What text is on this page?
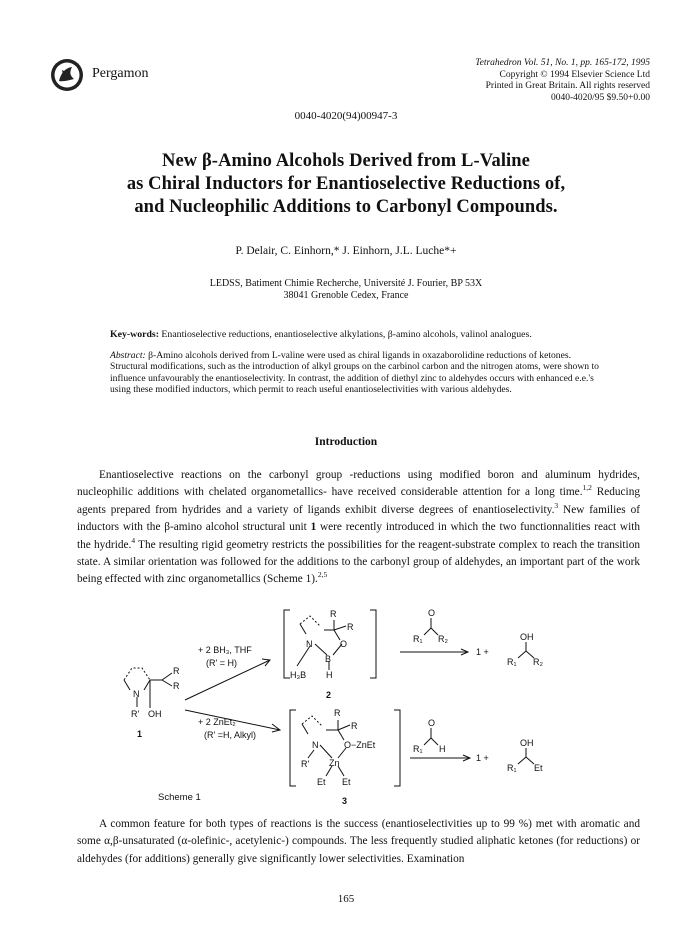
Pergamon
Tetrahedron Vol. 51, No. 1, pp. 165-172, 1995
Copyright © 1994 Elsevier Science Ltd
Printed in Great Britain. All rights reserved
0040-4020/95 $9.50+0.00
0040-4020(94)00947-3
New β-Amino Alcohols Derived from L-Valine
as Chiral Inductors for Enantioselective Reductions of,
and Nucleophilic Additions to Carbonyl Compounds.
P. Delair, C. Einhorn,* J. Einhorn, J.L. Luche*+
LEDSS, Batiment Chimie Recherche, Université J. Fourier, BP 53X
38041 Grenoble Cedex, France
Key-words: Enantioselective reductions, enantioselective alkylations, β-amino alcohols, valinol analogues.
Abstract: β-Amino alcohols derived from L-valine were used as chiral ligands in oxazaborolidine reductions of ketones. Structural modifications, such as the introduction of alkyl groups on the carbinol carbon and the nitrogen atoms, were shown to influence unfavourably the enantioselectivity. In contrast, the addition of diethyl zinc to aldehydes occurs with enhanced e.e.'s using these modified inductors, which permit to reach useful enantioselectivities with various aldehydes.
Introduction
Enantioselective reactions on the carbonyl group -reductions using modified boron and aluminum hydrides, nucleophilic additions with chelated organometallics- have received considerable attention for a long time.$^{1,2}$ Reducing agents prepared from hydrides and a variety of ligands exhibit diverse degrees of enantioselectivity.$^3$ New families of inductors with the β-amino alcohol structural unit 1 were recently introduced in which the two functionnalities react with the hydride.$^4$ The resulting rigid geometry restricts the possibilities for the reagent-substrate complex to reach the transition state. A similar orientation was followed for the additions to the carbonyl group of aldehydes, an important part of the work being effected with zinc organometallics (Scheme 1).$^{2,5}$
N
R
R
R' OH
1
+ 2 BH₃, THF
(R' = H)
+ 2 ZnEt₂
(R' =H, Alkyl)
R
R
N	O
B
H₃B H
2
O
R₁ R₂
1 +
OH
R₁ R₂
R
R
N	O−ZnEt
R' Zn
Et Et
3
O
R₁ H
1 +
OH
R₁ Et
Scheme 1
A common feature for both types of reactions is the success (enantioselectivities up to 99 %) met with aromatic and some α,β-unsaturated (α-olefinic-, acetylenic-) compounds. The less frequently studied aliphatic ketones (for reductions) or aldehydes (for additions) generally give significantly lower selectivities. Examination
165
